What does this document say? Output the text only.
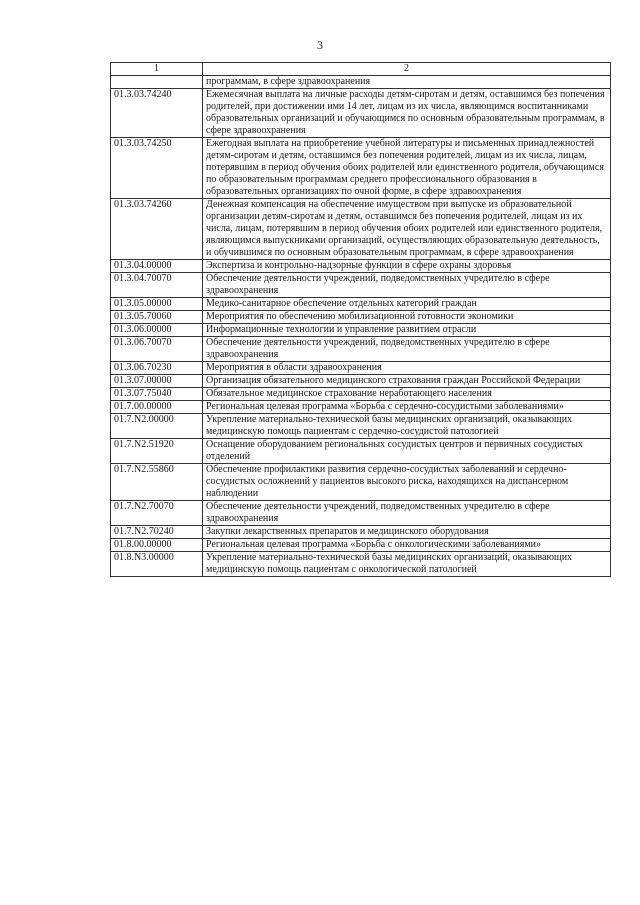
3
1	2
	программам, в сфере здравоохранения
01.3.03.74240	Ежемесячная выплата на личные расходы детям-сиротам и детям, оставшимся без попечения родителей, при достижении ими 14 лет, лицам из их числа, являющимся воспитанниками образовательных организаций и обучающимся по основным образовательным программам, в сфере здравоохранения
01.3.03.74250	Ежегодная выплата на приобретение учебной литературы и письменных принадлежностей детям-сиротам и детям, оставшимся без попечения родителей, лицам из их числа, лицам, потерявшим в период обучения обоих родителей или единственного родителя, обучающимся по образовательным программам среднего профессионального образования в образовательных организациях по очной форме, в сфере здравоохранения
01.3.03.74260	Денежная компенсация на обеспечение имуществом при выпуске из образовательной организации детям-сиротам и детям, оставшимся без попечения родителей, лицам из их числа, лицам, потерявшим в период обучения обоих родителей или единственного родителя, являющимся выпускниками организаций, осуществляющих образовательную деятельность, и обучившимся по основным образовательным программам, в сфере здравоохранения
01.3.04.00000	Экспертиза и контрольно-надзорные функции в сфере охраны здоровья
01.3.04.70070	Обеспечение деятельности учреждений, подведомственных учредителю в сфере здравоохранения
01.3.05.00000	Медико-санитарное обеспечение отдельных категорий граждан
01.3.05.70060	Мероприятия по обеспечению мобилизационной готовности экономики
01.3.06.00000	Информационные технологии и управление развитием отрасли
01.3.06.70070	Обеспечение деятельности учреждений, подведомственных учредителю в сфере здравоохранения
01.3.06.70230	Мероприятия в области здравоохранения
01.3.07.00000	Организация обязательного медицинского страхования граждан Российской Федерации
01.3.07.75040	Обязательное медицинское страхование неработающего населения
01.7.00.00000	Региональная целевая программа «Борьба с сердечно-сосудистыми заболеваниями»
01.7.N2.00000	Укрепление материально-технической базы медицинских организаций, оказывающих медицинскую помощь пациентам с сердечно-сосудистой патологией
01.7.N2.51920	Оснащение оборудованием региональных сосудистых центров и первичных сосудистых отделений
01.7.N2.55860	Обеспечение профилактики развития сердечно-сосудистых заболеваний и сердечно-сосудистых осложнений у пациентов высокого риска, находящихся на диспансерном наблюдении
01.7.N2.70070	Обеспечение деятельности учреждений, подведомственных учредителю в сфере здравоохранения
01.7.N2.70240	Закупки лекарственных препаратов и медицинского оборудования
01.8.00.00000	Региональная целевая программа «Борьба с онкологическими заболеваниями»
01.8.N3.00000	Укрепление материально-технической базы медицинских организаций, оказывающих медицинскую помощь пациентам с онкологической патологией
